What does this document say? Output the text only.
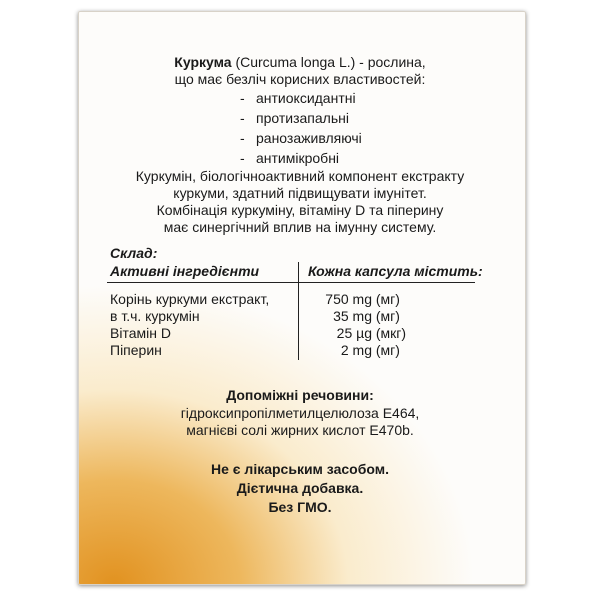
Куркума (Curcuma longa L.) - рослина,
що має безліч корисних властивостей:
- антиоксидантні
- протизапальні
- ранозаживляючі
- антимікробні
Куркумін, біологічноактивний компонент екстракту
куркуми, здатний підвищувати імунітет.
Комбінація куркуміну, вітаміну D та піперину
має синергічний вплив на імунну систему.
Склад:
Активні інгредієнти	Кожна капсула містить:
Корінь куркуми екстракт,	750 mg (мг)
в т.ч. куркумін	35 mg (мг)
Вітамін D	25 µg (мкг)
Піперин	2 mg (мг)
Допоміжні речовини:
гідроксипропілметилцелюлоза Е464,
магнієві солі жирних кислот Е470b.
Не є лікарським засобом.
Дієтична добавка.
Без ГМО.
